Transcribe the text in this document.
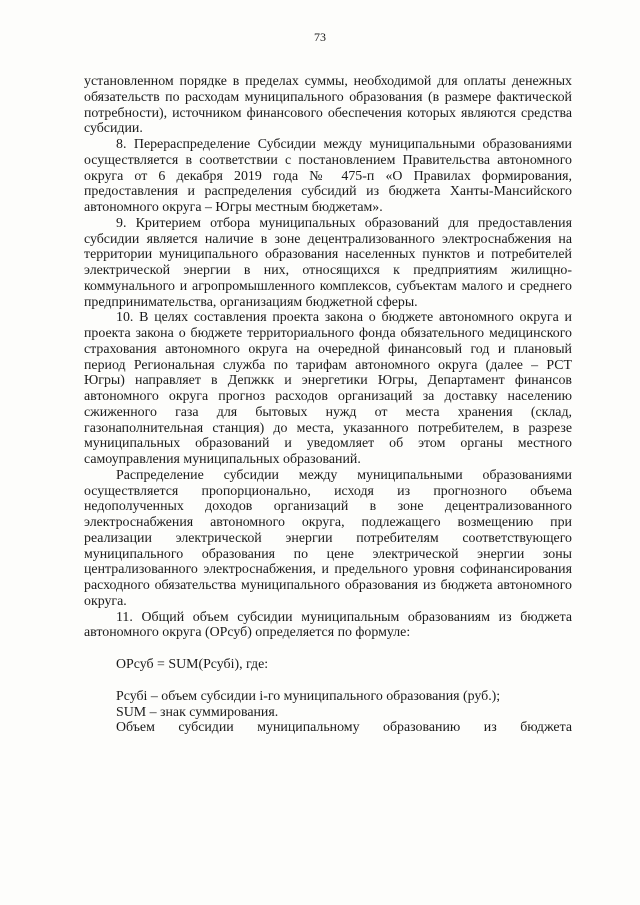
73

установленном порядке в пределах суммы, необходимой для оплаты денежных обязательств по расходам муниципального образования (в размере фактической потребности), источником финансового обеспечения которых являются средства субсидии.

8. Перераспределение Субсидии между муниципальными образованиями осуществляется в соответствии с постановлением Правительства автономного округа от 6 декабря 2019 года № 475-п «О Правилах формирования, предоставления и распределения субсидий из бюджета Ханты-Мансийского автономного округа – Югры местным бюджетам».

9. Критерием отбора муниципальных образований для предоставления субсидии является наличие в зоне децентрализованного электроснабжения на территории муниципального образования населенных пунктов и потребителей электрической энергии в них, относящихся к предприятиям жилищно-коммунального и агропромышленного комплексов, субъектам малого и среднего предпринимательства, организациям бюджетной сферы.

10. В целях составления проекта закона о бюджете автономного округа и проекта закона о бюджете территориального фонда обязательного медицинского страхования автономного округа на очередной финансовый год и плановый период Региональная служба по тарифам автономного округа (далее – РСТ Югры) направляет в Депжкк и энергетики Югры, Департамент финансов автономного округа прогноз расходов организаций за доставку населению сжиженного газа для бытовых нужд от места хранения (склад, газонаполнительная станция) до места, указанного потребителем, в разрезе муниципальных образований и уведомляет об этом органы местного самоуправления муниципальных образований.

Распределение субсидии между муниципальными образованиями осуществляется пропорционально, исходя из прогнозного объема недополученных доходов организаций в зоне децентрализованного электроснабжения автономного округа, подлежащего возмещению при реализации электрической энергии потребителям соответствующего муниципального образования по цене электрической энергии зоны централизованного электроснабжения, и предельного уровня софинансирования расходного обязательства муниципального образования из бюджета автономного округа.

11. Общий объем субсидии муниципальным образованиям из бюджета автономного округа (ОРсуб) определяется по формуле:

ОРсуб = SUM(Рсубi), где:

Рсубi – объем субсидии i-го муниципального образования (руб.);

SUM – знак суммирования.

Объем субсидии муниципальному образованию из бюджета
